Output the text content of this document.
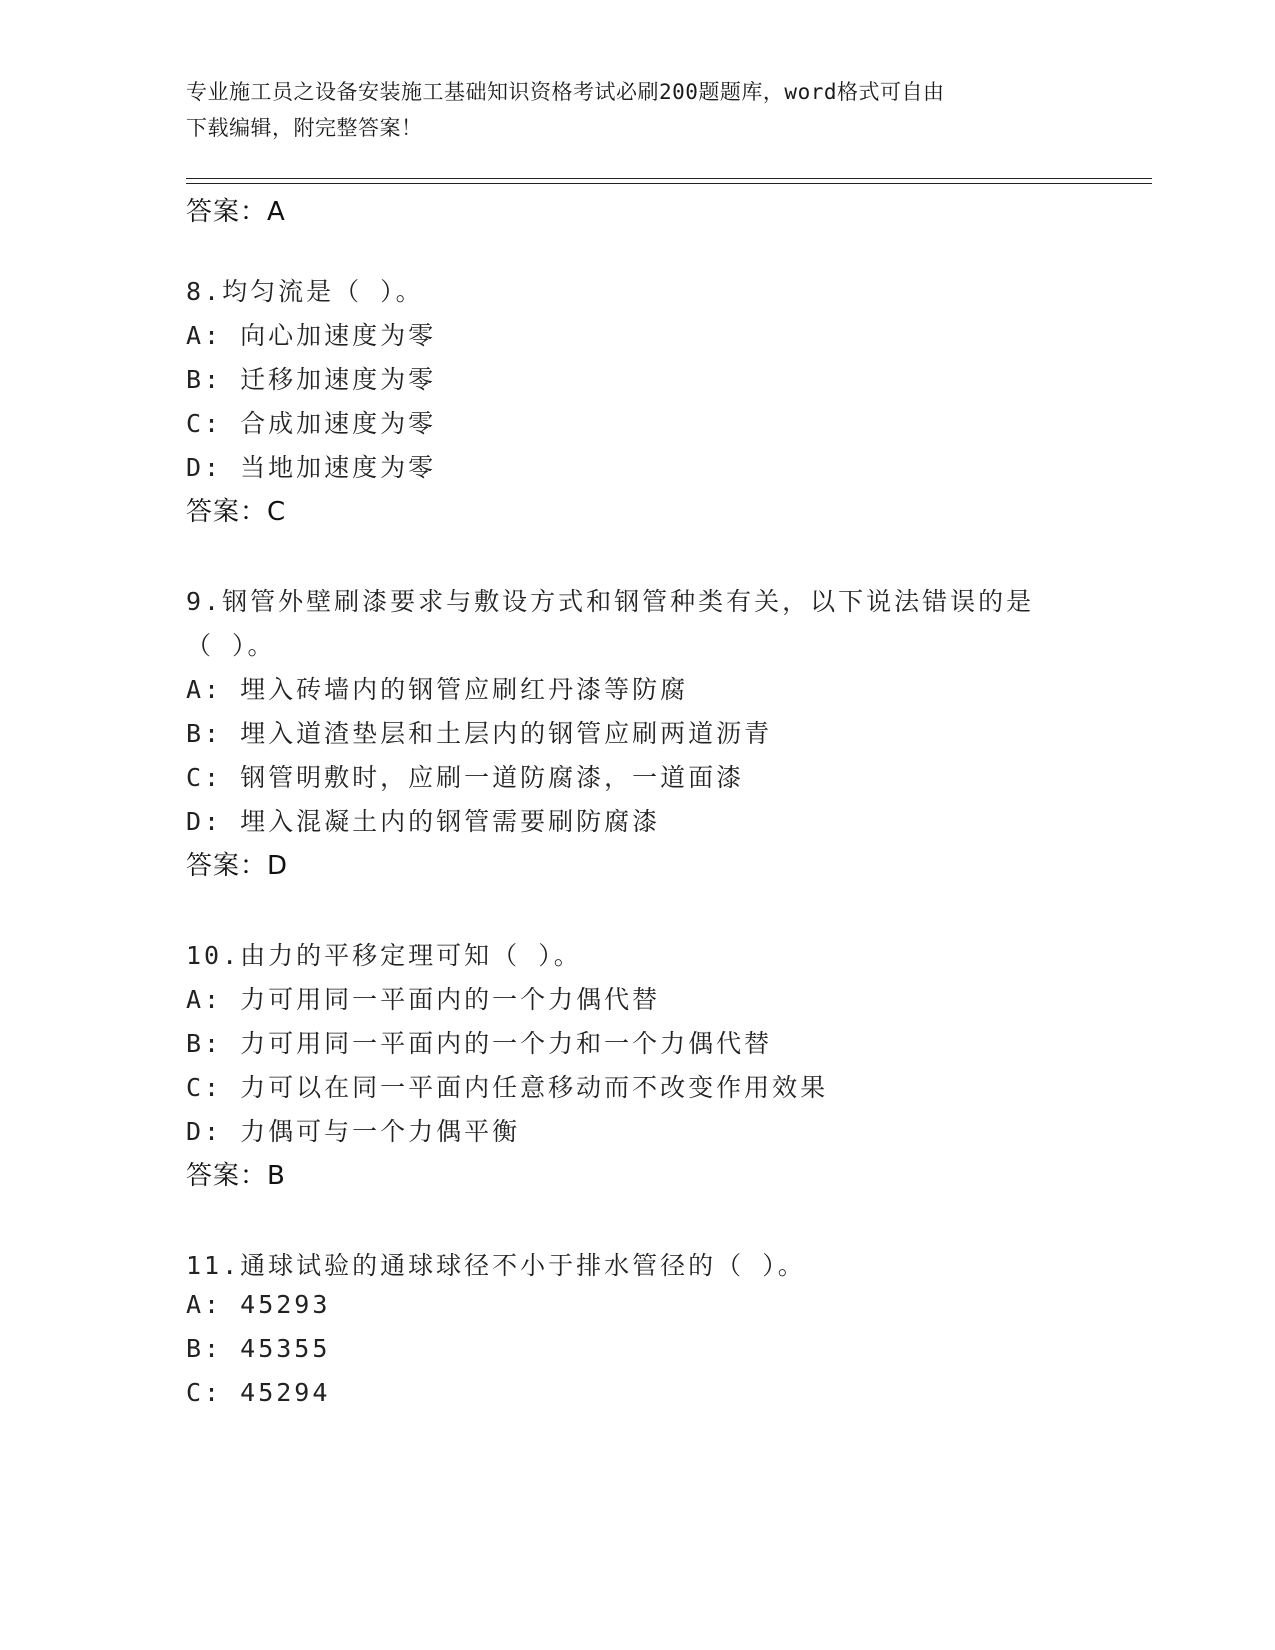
专业施工员之设备安装施工基础知识资格考试必刷200题题库，word格式可自由
下载编辑，附完整答案！
答案：A
8.均匀流是（ ）。
A: 向心加速度为零
B: 迁移加速度为零
C: 合成加速度为零
D: 当地加速度为零
答案：C
9.钢管外壁刷漆要求与敷设方式和钢管种类有关，以下说法错误的是
（ ）。
A: 埋入砖墙内的钢管应刷红丹漆等防腐
B: 埋入道渣垫层和土层内的钢管应刷两道沥青
C: 钢管明敷时，应刷一道防腐漆，一道面漆
D: 埋入混凝土内的钢管需要刷防腐漆
答案：D
10.由力的平移定理可知（ ）。
A: 力可用同一平面内的一个力偶代替
B: 力可用同一平面内的一个力和一个力偶代替
C: 力可以在同一平面内任意移动而不改变作用效果
D: 力偶可与一个力偶平衡
答案：B
11.通球试验的通球球径不小于排水管径的（ ）。
A: 45293
B: 45355
C: 45294
